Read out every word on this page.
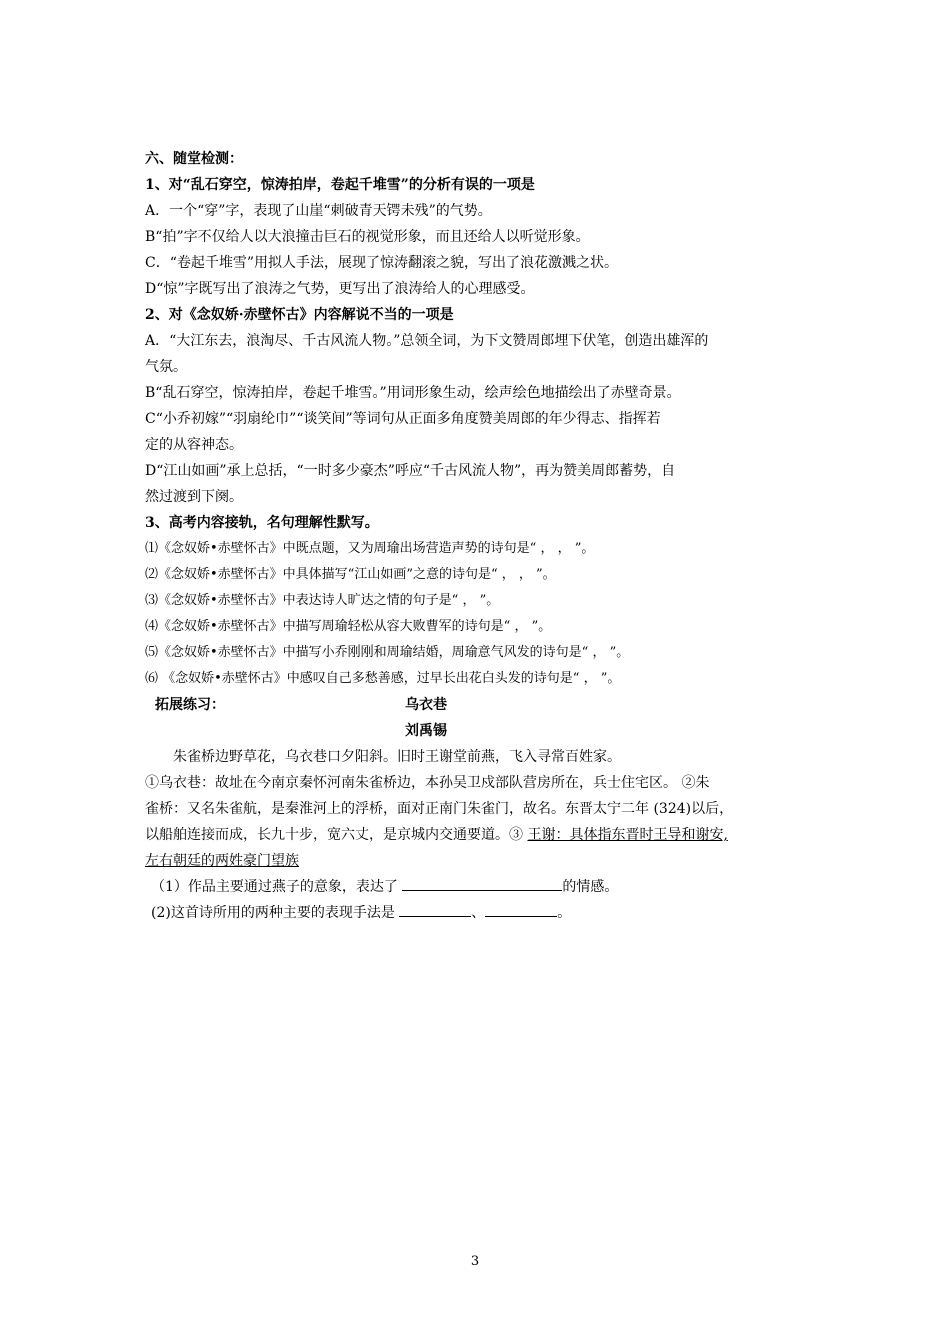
六、随堂检测：
1、对“乱石穿空，惊涛拍岸，卷起千堆雪”的分析有误的一项是
A．一个“穿”字，表现了山崖“刺破青天锷未残”的气势。
B“拍”字不仅给人以大浪撞击巨石的视觉形象，而且还给人以听觉形象。
C．“卷起千堆雪”用拟人手法，展现了惊涛翻滚之貌，写出了浪花激溅之状。
D“惊”字既写出了浪涛之气势，更写出了浪涛给人的心理感受。
2、对《念奴娇·赤壁怀古》内容解说不当的一项是
A．“大江东去，浪淘尽、千古风流人物。”总领全词，为下文赞周郎埋下伏笔，创造出雄浑的
气氛。
B“乱石穿空，惊涛拍岸，卷起千堆雪。”用词形象生动，绘声绘色地描绘出了赤壁奇景。
C“小乔初嫁”“羽扇纶巾”“谈笑间”等词句从正面多角度赞美周郎的年少得志、指挥若
定的从容神态。
D“江山如画”承上总括，“一时多少豪杰”呼应“千古风流人物”，再为赞美周郎蓄势，自
然过渡到下阕。
3、高考内容接轨，名句理解性默写。
⑴《念奴娇•赤壁怀古》中既点题，又为周瑜出场营造声势的诗句是“ ， ， ”。
⑵《念奴娇•赤壁怀古》中具体描写“江山如画”之意的诗句是“ ， ， ”。
⑶《念奴娇•赤壁怀古》中表达诗人旷达之情的句子是“ ， ”。
⑷《念奴娇•赤壁怀古》中描写周瑜轻松从容大败曹军的诗句是“ ， ”。
⑸《念奴娇•赤壁怀古》中描写小乔刚刚和周瑜结婚，周瑜意气风发的诗句是“ ， ”。
⑹ 《念奴娇•赤壁怀古》中感叹自己多愁善感，过早长出花白头发的诗句是“ ， ”。
拓展练习：	乌衣巷
刘禹锡
朱雀桥边野草花，乌衣巷口夕阳斜。旧时王谢堂前燕，飞入寻常百姓家。
①乌衣巷：故址在今南京秦怀河南朱雀桥边，本孙吴卫戍部队营房所在，兵士住宅区。 ②朱
雀桥：又名朱雀航，是秦淮河上的浮桥，面对正南门朱雀门，故名。东晋太宁二年 (324)以后，
以船舶连接而成，长九十步，宽六丈，是京城内交通要道。③ 王谢：具体指东晋时王导和谢安,
左右朝廷的两姓豪门望族
（1）作品主要通过燕子的意象，表达了	的情感。
(2)这首诗所用的两种主要的表现手法是	、	。
3
